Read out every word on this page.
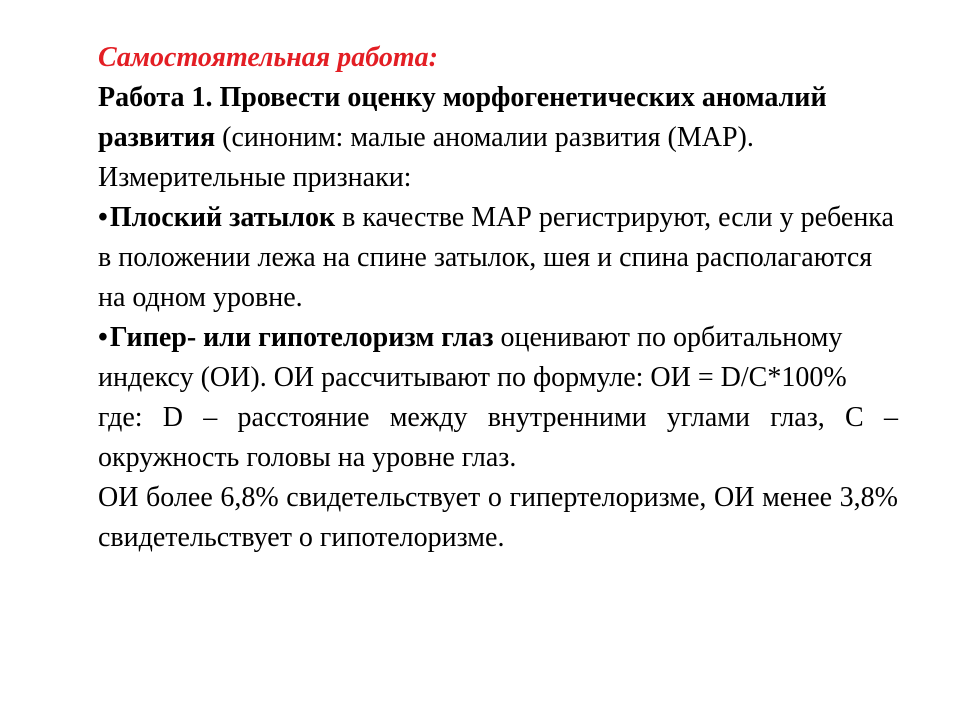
Самостоятельная работа:

Работа 1. Провести оценку морфогенетических аномалий развития (синоним: малые аномалии развития (МАР).

Измерительные признаки:

•Плоский затылок в качестве МАР регистрируют, если у ребенка в положении лежа на спине затылок, шея и спина располагаются на одном уровне.

•Гипер- или гипотелоризм глаз оценивают по орбитальному индексу (ОИ). ОИ рассчитывают по формуле: ОИ = D/C*100%

где: D – расстояние между внутренними углами глаз, С – окружность головы на уровне глаз.

ОИ более 6,8% свидетельствует о гипертелоризме, ОИ менее 3,8% свидетельствует о гипотелоризме.
